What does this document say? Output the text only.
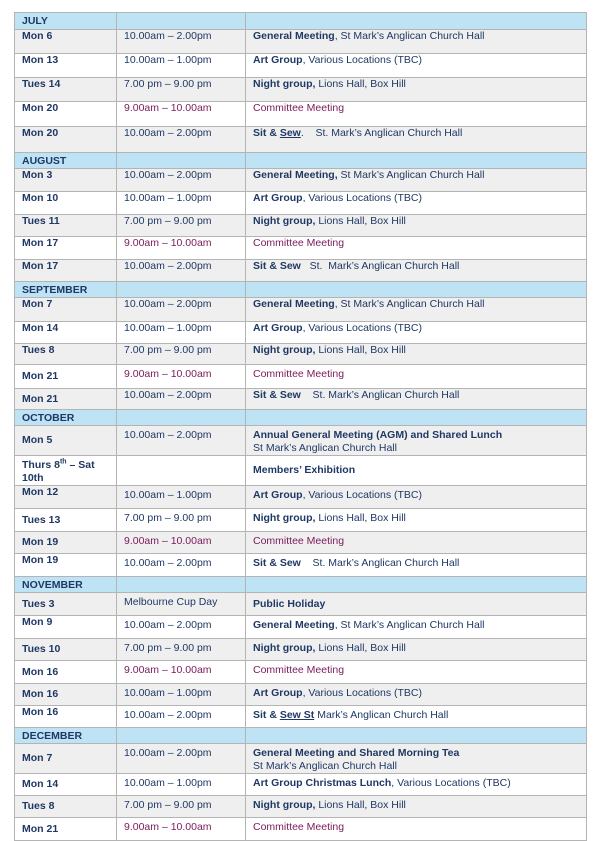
JULY		
Mon 6	10.00am – 2.00pm	General Meeting, St Mark’s Anglican Church Hall
Mon 13	10.00am – 1.00pm	Art Group, Various Locations (TBC)
Tues 14	7.00 pm – 9.00 pm	Night group, Lions Hall, Box Hill
Mon 20	9.00am – 10.00am	Committee Meeting
Mon 20	10.00am – 2.00pm	Sit & Sew.    St. Mark’s Anglican Church Hall
AUGUST		
Mon 3	10.00am – 2.00pm	General Meeting, St Mark’s Anglican Church Hall
Mon 10	10.00am – 1.00pm	Art Group, Various Locations (TBC)
Tues 11	7.00 pm – 9.00 pm	Night group, Lions Hall, Box Hill
Mon 17	9.00am – 10.00am	Committee Meeting
Mon 17	10.00am – 2.00pm	Sit & Sew   St.  Mark’s Anglican Church Hall
SEPTEMBER		
Mon 7	10.00am – 2.00pm	General Meeting, St Mark’s Anglican Church Hall
Mon 14	10.00am – 1.00pm	Art Group, Various Locations (TBC)
Tues 8	7.00 pm – 9.00 pm	Night group, Lions Hall, Box Hill
Mon 21	9.00am – 10.00am	Committee Meeting
Mon 21	10.00am – 2.00pm	Sit & Sew    St. Mark’s Anglican Church Hall
OCTOBER		
Mon 5	10.00am – 2.00pm	Annual General Meeting (AGM) and Shared Lunch
St Mark’s Anglican Church Hall

Thurs 8th – Sat 10th		Members’ Exhibition
Mon 12	10.00am – 1.00pm	Art Group, Various Locations (TBC)
Tues 13	7.00 pm – 9.00 pm	Night group, Lions Hall, Box Hill
Mon 19	9.00am – 10.00am	Committee Meeting
Mon 19	10.00am – 2.00pm	Sit & Sew    St. Mark’s Anglican Church Hall
NOVEMBER		
Tues 3	Melbourne Cup Day	Public Holiday
Mon 9	10.00am – 2.00pm	General Meeting, St Mark’s Anglican Church Hall
Tues 10	7.00 pm – 9.00 pm	Night group, Lions Hall, Box Hill
Mon 16	9.00am – 10.00am	Committee Meeting
Mon 16	10.00am – 1.00pm	Art Group, Various Locations (TBC)
Mon 16	10.00am – 2.00pm	Sit & Sew St Mark’s Anglican Church Hall
DECEMBER		
Mon 7	10.00am – 2.00pm	General Meeting and Shared Morning Tea
St Mark’s Anglican Church Hall

Mon 14	10.00am – 1.00pm	Art Group Christmas Lunch, Various Locations (TBC)
Tues 8	7.00 pm – 9.00 pm	Night group, Lions Hall, Box Hill
Mon 21	9.00am – 10.00am	Committee Meeting
